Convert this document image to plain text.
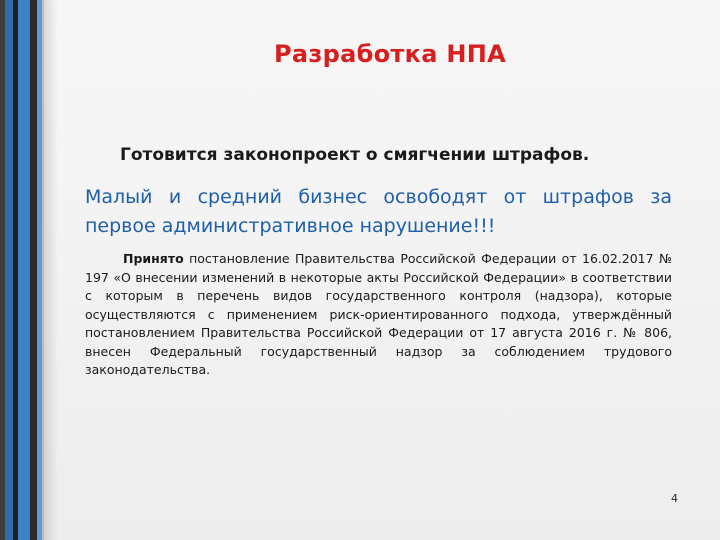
Разработка НПА
Готовится законопроект о смягчении штрафов.
Малый и средний бизнес освободят от штрафов за первое административное нарушение!!!
Принято постановление Правительства Российской Федерации от 16.02.2017 № 197 «О внесении изменений в некоторые акты Российской Федерации» в соответствии с которым в перечень видов государственного контроля (надзора), которые осуществляются с применением риск-ориентированного подхода, утверждённый постановлением Правительства Российской Федерации от 17 августа 2016 г. № 806, внесен Федеральный государственный надзор за соблюдением трудового законодательства.
4
